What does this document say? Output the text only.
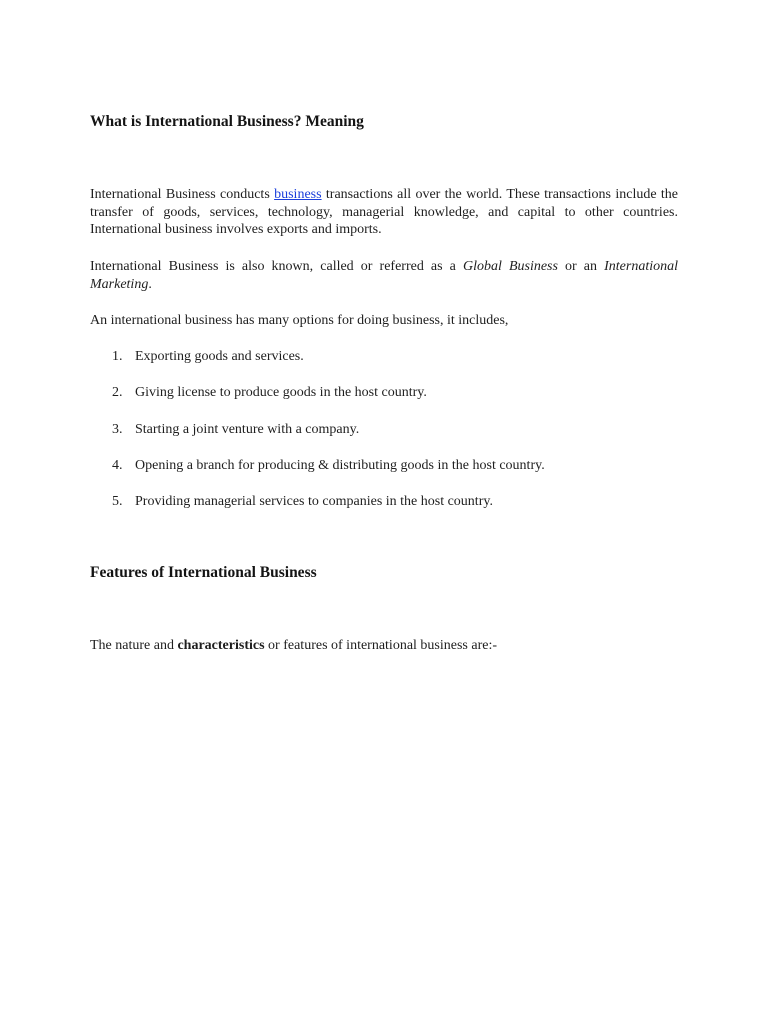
What is International Business? Meaning

International Business conducts business transactions all over the world. These transactions include the transfer of goods, services, technology, managerial knowledge, and capital to other countries. International business involves exports and imports.

International Business is also known, called or referred as a Global Business or an International Marketing.

An international business has many options for doing business, it includes,

1. Exporting goods and services.
2. Giving license to produce goods in the host country.
3. Starting a joint venture with a company.
4. Opening a branch for producing & distributing goods in the host country.
5. Providing managerial services to companies in the host country.
Features of International Business

The nature and characteristics or features of international business are:-
